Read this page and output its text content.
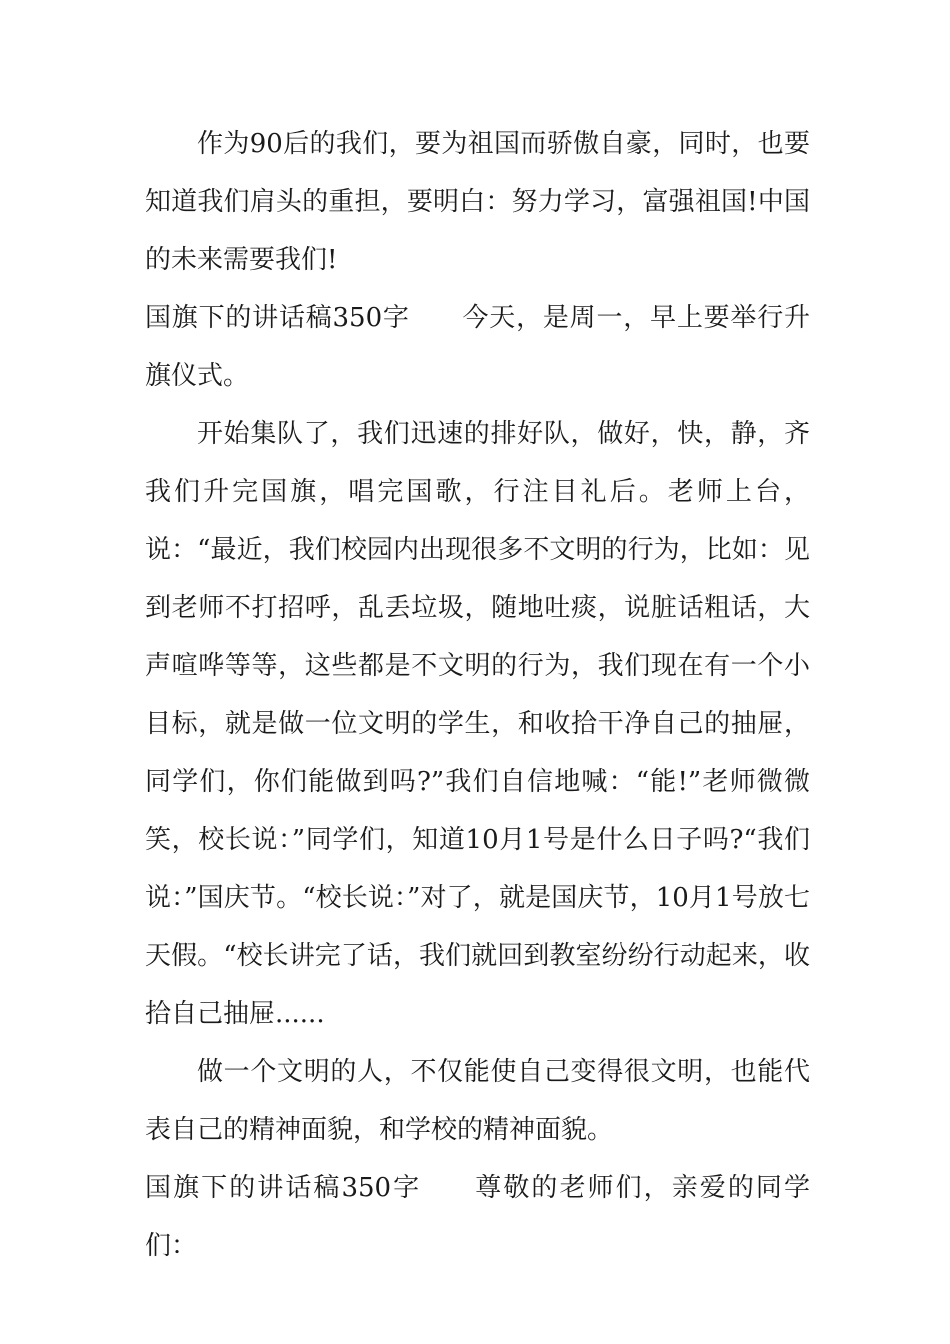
作为90后的我们，要为祖国而骄傲自豪，同时，也要知道我们肩头的重担，要明白：努力学习，富强祖国!中国的未来需要我们!

国旗下的讲话稿350字 今天，是周一，早上要举行升旗仪式。

开始集队了，我们迅速的排好队，做好，快，静，齐我们升完国旗，唱完国歌，行注目礼后。老师上台，说：“最近，我们校园内出现很多不文明的行为，比如：见到老师不打招呼，乱丢垃圾，随地吐痰，说脏话粗话，大声喧哗等等，这些都是不文明的行为，我们现在有一个小目标，就是做一位文明的学生，和收拾干净自己的抽屉，同学们，你们能做到吗?”我们自信地喊：“能!”老师微微笑，校长说：”同学们，知道10月1号是什么日子吗?“我们说：”国庆节。“校长说：”对了，就是国庆节，10月1号放七天假。“校长讲完了话，我们就回到教室纷纷行动起来，收拾自己抽屉......

做一个文明的人，不仅能使自己变得很文明，也能代表自己的精神面貌，和学校的精神面貌。

国旗下的讲话稿350字 尊敬的老师们，亲爱的同学们：
